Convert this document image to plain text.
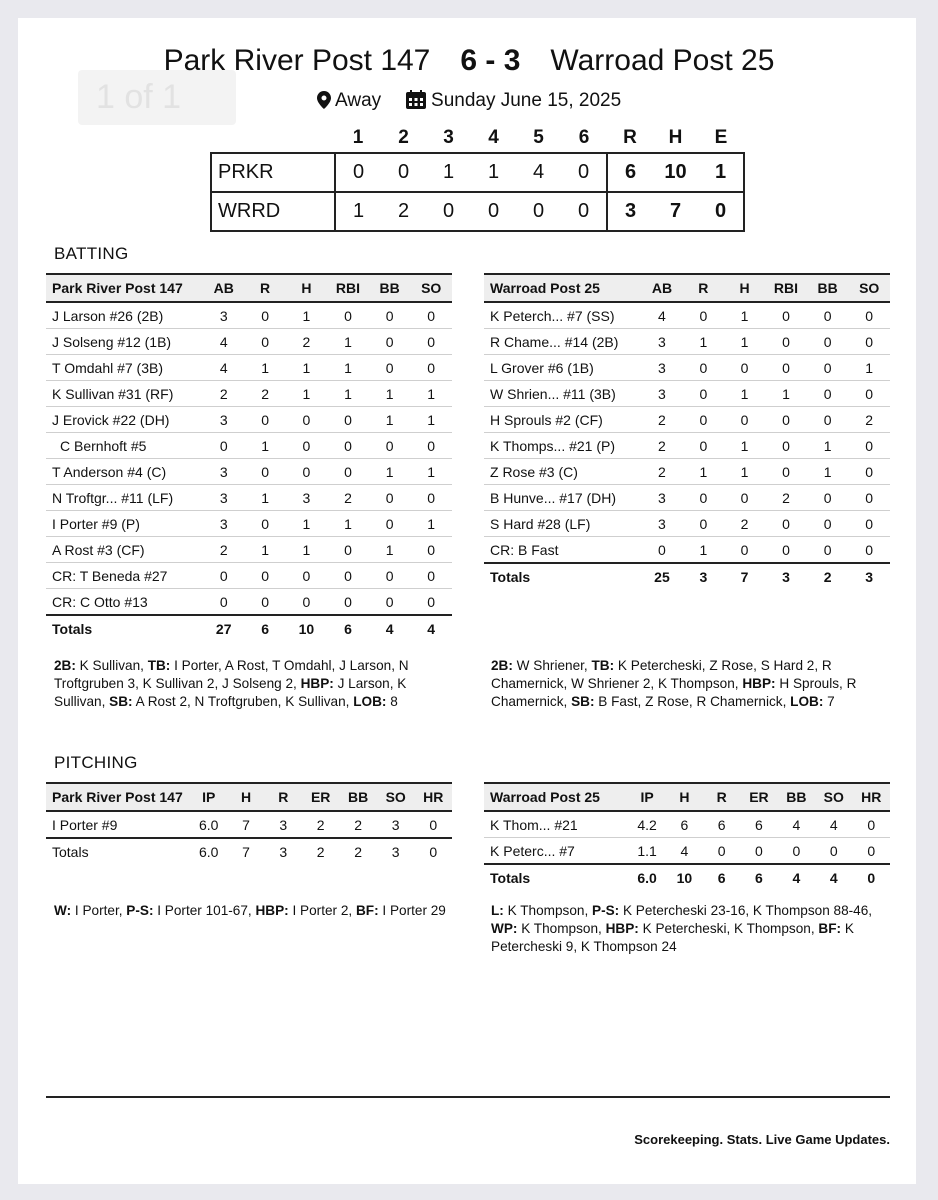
1 of 1
Park River Post 147 6 - 3 Warroad Post 25
Away	Sunday June 15, 2025
	1	2	3	4	5	6	R	H	E
PRKR	0	0	1	1	4	0	6	10	1
WRRD	1	2	0	0	0	0	3	7	0
BATTING
Park River Post 147	AB	R	H	RBI	BB	SO
J Larson #26 (2B)	3	0	1	0	0	0
J Solseng #12 (1B)	4	0	2	1	0	0
T Omdahl #7 (3B)	4	1	1	1	0	0
K Sullivan #31 (RF)	2	2	1	1	1	1
J Erovick #22 (DH)	3	0	0	0	1	1
C Bernhoft #5	0	1	0	0	0	0
T Anderson #4 (C)	3	0	0	0	1	1
N Troftgr... #11 (LF)	3	1	3	2	0	0
I Porter #9 (P)	3	0	1	1	0	1
A Rost #3 (CF)	2	1	1	0	1	0
CR: T Beneda #27	0	0	0	0	0	0
CR: C Otto #13	0	0	0	0	0	0
Totals	27	6	10	6	4	4
Warroad Post 25	AB	R	H	RBI	BB	SO
K Peterch... #7 (SS)	4	0	1	0	0	0
R Chame... #14 (2B)	3	1	1	0	0	0
L Grover #6 (1B)	3	0	0	0	0	1
W Shrien... #11 (3B)	3	0	1	1	0	0
H Sprouls #2 (CF)	2	0	0	0	0	2
K Thomps... #21 (P)	2	0	1	0	1	0
Z Rose #3 (C)	2	1	1	0	1	0
B Hunve... #17 (DH)	3	0	0	2	0	0
S Hard #28 (LF)	3	0	2	0	0	0
CR: B Fast	0	1	0	0	0	0
Totals	25	3	7	3	2	3
2B: K Sullivan, TB: I Porter, A Rost, T Omdahl, J Larson, N Troftgruben 3, K Sullivan 2, J Solseng 2, HBP: J Larson, K Sullivan, SB: A Rost 2, N Troftgruben, K Sullivan, LOB: 8
2B: W Shriener, TB: K Petercheski, Z Rose, S Hard 2, R Chamernick, W Shriener 2, K Thompson, HBP: H Sprouls, R Chamernick, SB: B Fast, Z Rose, R Chamernick, LOB: 7
PITCHING
Park River Post 147	IP	H	R	ER	BB	SO	HR
I Porter #9	6.0	7	3	2	2	3	0
Totals	6.0	7	3	2	2	3	0
Warroad Post 25	IP	H	R	ER	BB	SO	HR
K Thom... #21	4.2	6	6	6	4	4	0
K Peterc... #7	1.1	4	0	0	0	0	0
Totals	6.0	10	6	6	4	4	0
W: I Porter, P-S: I Porter 101-67, HBP: I Porter 2, BF: I Porter 29	L: K Thompson, P-S: K Petercheski 23-16, K Thompson 88-46, WP: K Thompson, HBP: K Petercheski, K Thompson, BF: K Petercheski 9, K Thompson 24
Scorekeeping. Stats. Live Game Updates.
